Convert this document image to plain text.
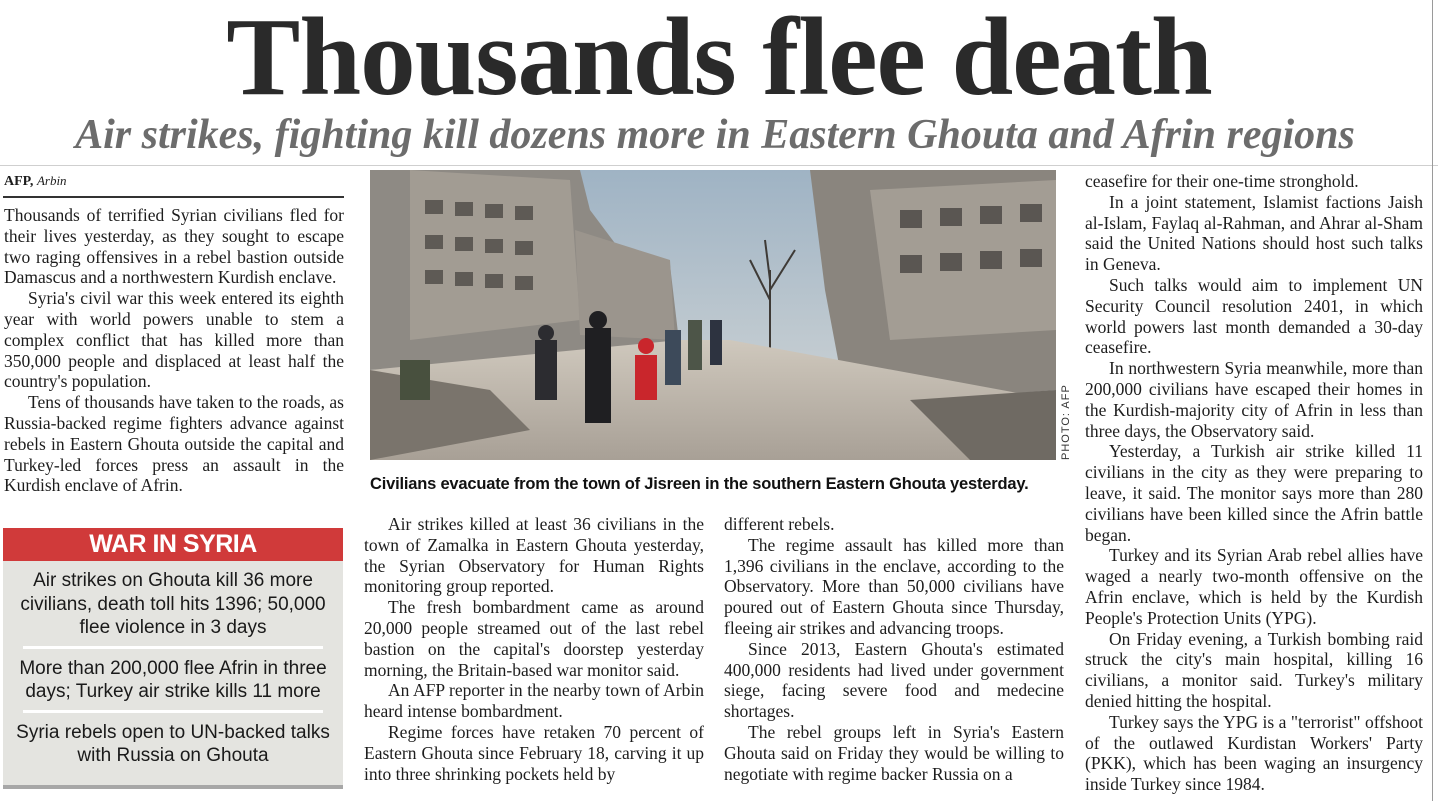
Thousands flee death
Air strikes, fighting kill dozens more in Eastern Ghouta and Afrin regions
AFP, Arbin

Thousands of terrified Syrian civilians fled for their lives yesterday, as they sought to escape two raging offensives in a rebel bastion outside Damascus and a northwestern Kurdish enclave.

Syria's civil war this week entered its eighth year with world powers unable to stem a complex conflict that has killed more than 350,000 people and displaced at least half the country's population.

Tens of thousands have taken to the roads, as Russia-backed regime fighters advance against rebels in Eastern Ghouta outside the capital and Turkey-led forces press an assault in the Kurdish enclave of Afrin.

WAR IN SYRIA
Air strikes on Ghouta kill 36 more civilians, death toll hits 1396; 50,000 flee violence in 3 days
More than 200,000 flee Afrin in three days; Turkey air strike kills 11 more
Syria rebels open to UN-backed talks with Russia on Ghouta
PHOTO: AFP
Civilians evacuate from the town of Jisreen in the southern Eastern Ghouta yesterday.

Air strikes killed at least 36 civilians in the town of Zamalka in Eastern Ghouta yesterday, the Syrian Observatory for Human Rights monitoring group reported.

The fresh bombardment came as around 20,000 people streamed out of the last rebel bastion on the capital's doorstep yesterday morning, the Britain-based war monitor said.

An AFP reporter in the nearby town of Arbin heard intense bombardment.

Regime forces have retaken 70 percent of Eastern Ghouta since February 18, carving it up into three shrinking pockets held by

different rebels.

The regime assault has killed more than 1,396 civilians in the enclave, according to the Observatory. More than 50,000 civilians have poured out of Eastern Ghouta since Thursday, fleeing air strikes and advancing troops.

Since 2013, Eastern Ghouta's estimated 400,000 residents had lived under government siege, facing severe food and medecine shortages.

The rebel groups left in Syria's Eastern Ghouta said on Friday they would be willing to negotiate with regime backer Russia on a

ceasefire for their one-time stronghold.

In a joint statement, Islamist factions Jaish al-Islam, Faylaq al-Rahman, and Ahrar al-Sham said the United Nations should host such talks in Geneva.

Such talks would aim to implement UN Security Council resolution 2401, in which world powers last month demanded a 30-day ceasefire.

In northwestern Syria meanwhile, more than 200,000 civilians have escaped their homes in the Kurdish-majority city of Afrin in less than three days, the Observatory said.

Yesterday, a Turkish air strike killed 11 civilians in the city as they were preparing to leave, it said. The monitor says more than 280 civilians have been killed since the Afrin battle began.

Turkey and its Syrian Arab rebel allies have waged a nearly two-month offensive on the Afrin enclave, which is held by the Kurdish People's Protection Units (YPG).

On Friday evening, a Turkish bombing raid struck the city's main hospital, killing 16 civilians, a monitor said. Turkey's military denied hitting the hospital.

Turkey says the YPG is a "terrorist" offshoot of the outlawed Kurdistan Workers' Party (PKK), which has been waging an insurgency inside Turkey since 1984.
